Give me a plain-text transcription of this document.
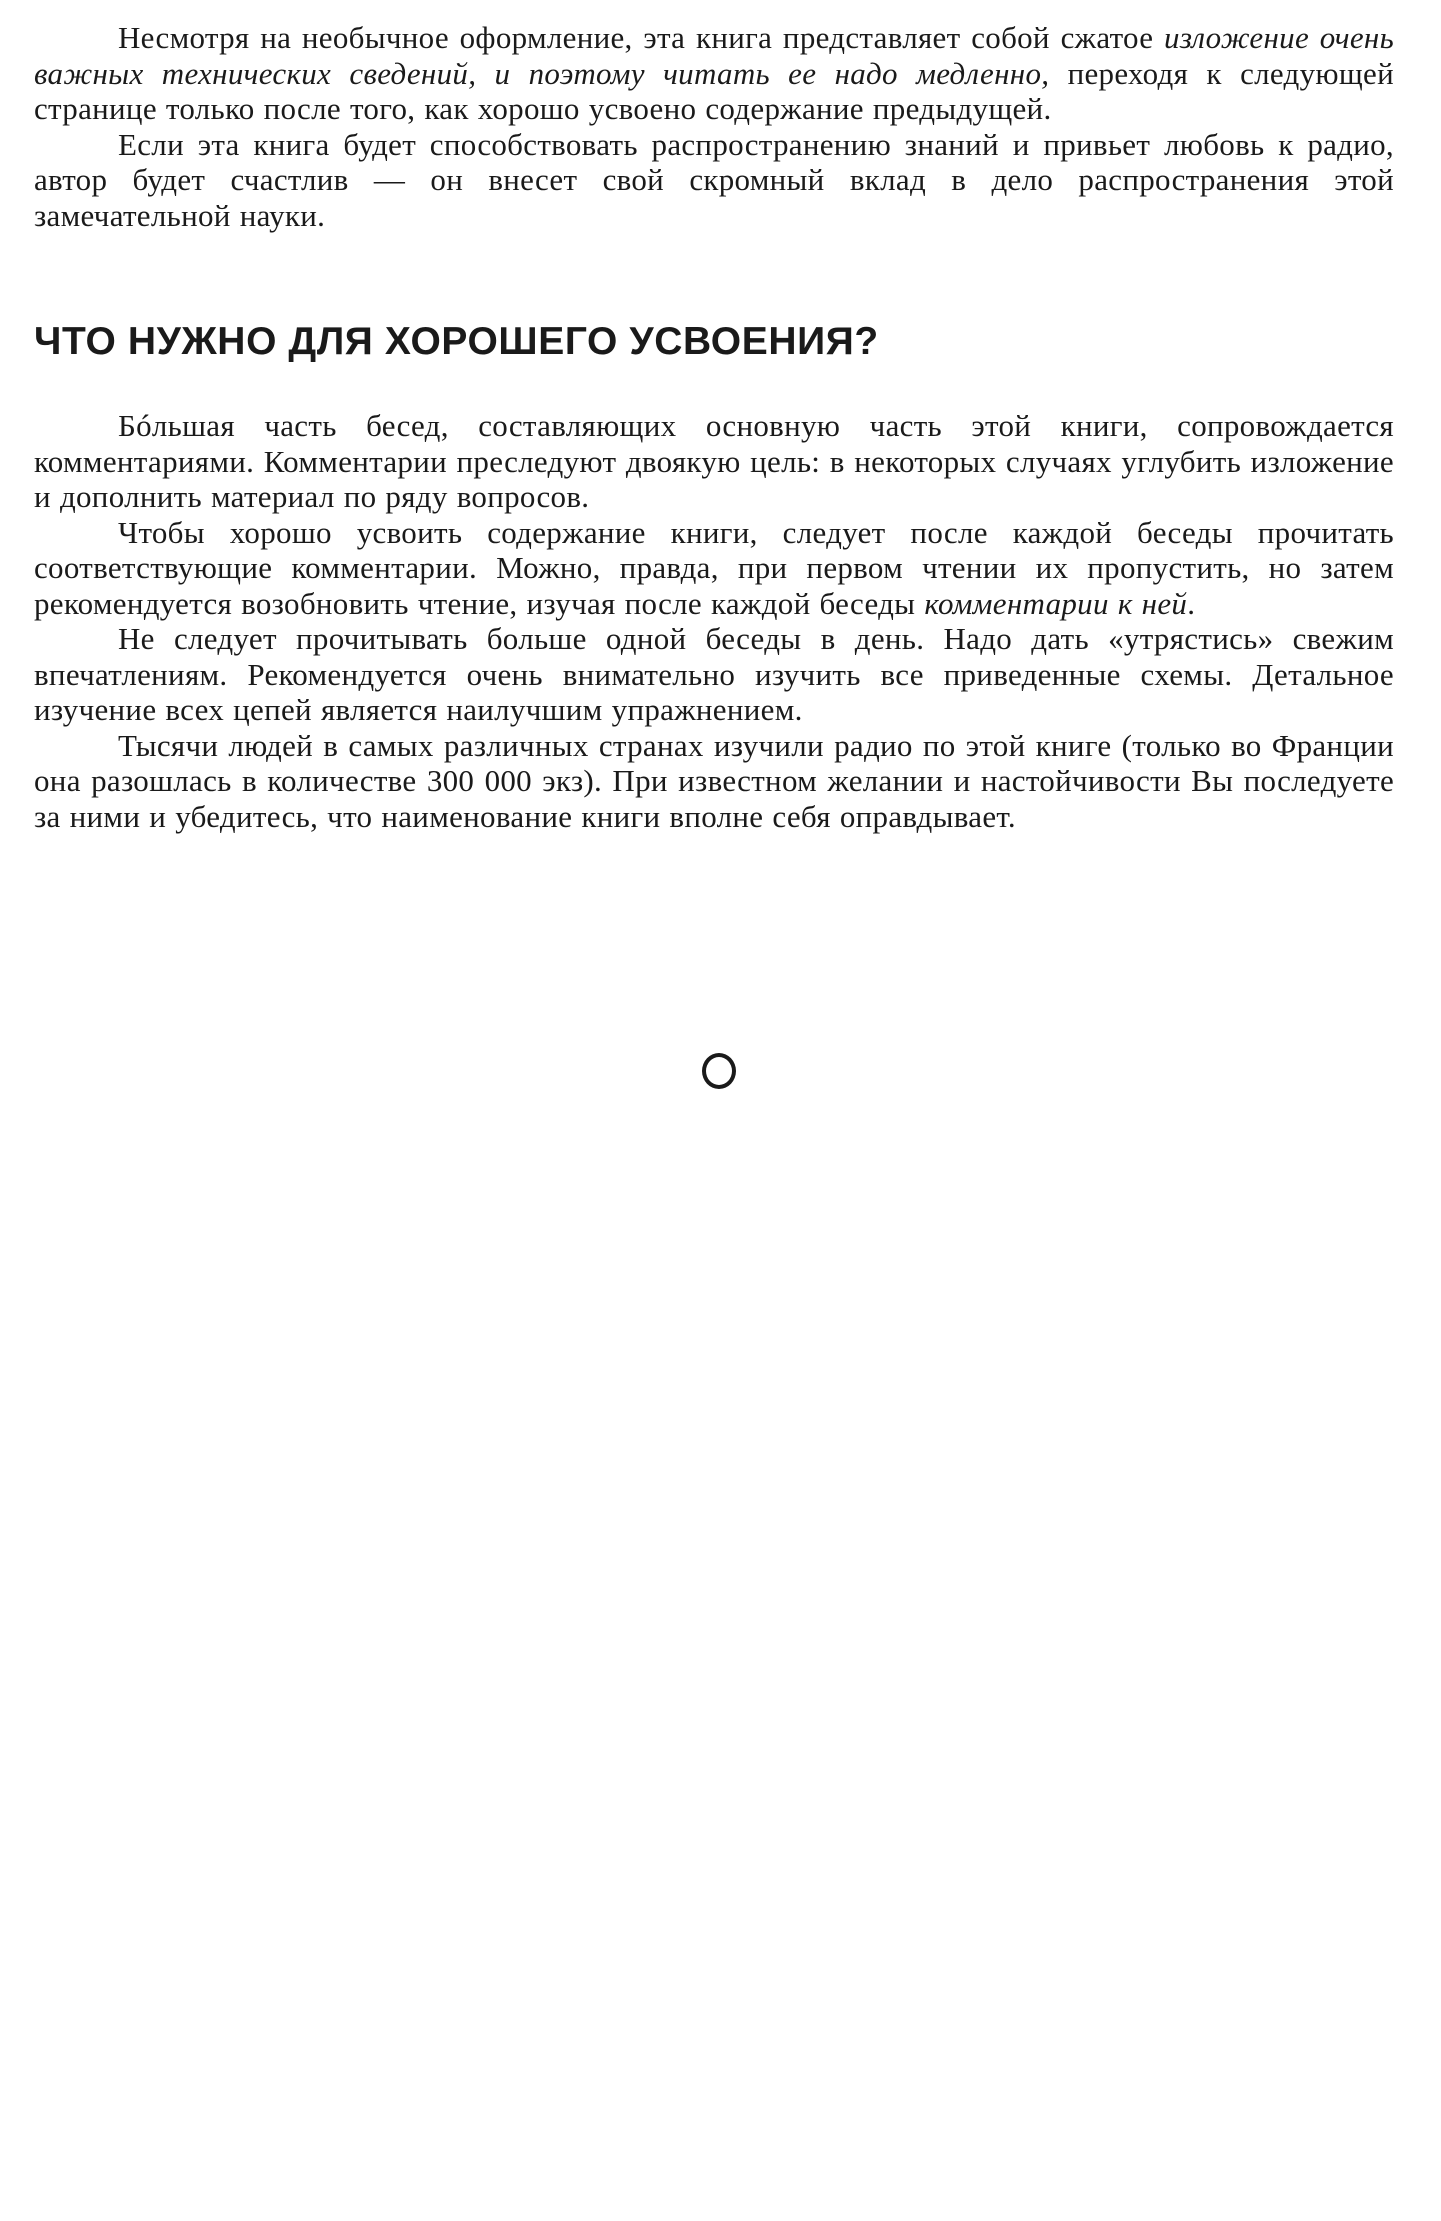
Несмотря на необычное оформление, эта книга представляет собой сжатое изложение очень важных технических сведений, и поэтому читать ее надо медленно, переходя к следующей странице только после того, как хорошо усвоено содержание предыдущей.

Если эта книга будет способствовать распространению знаний и привьет любовь к радио, автор будет счастлив — он внесет свой скромный вклад в дело распространения этой замечательной науки.

ЧТО НУЖНО ДЛЯ ХОРОШЕГО УСВОЕНИЯ?

Бóльшая часть бесед, составляющих основную часть этой книги, сопровождается комментариями. Комментарии преследуют двоякую цель: в некоторых случаях углубить изложение и дополнить материал по ряду вопросов.

Чтобы хорошо усвоить содержание книги, следует после каждой беседы прочитать соответствующие комментарии. Можно, правда, при первом чтении их пропустить, но затем рекомендуется возобновить чтение, изучая после каждой беседы комментарии к ней.

Не следует прочитывать больше одной беседы в день. Надо дать «утрястись» свежим впечатлениям. Рекомендуется очень внимательно изучить все приведенные схемы. Детальное изучение всех цепей является наилучшим упражнением.

Тысячи людей в самых различных странах изучили радио по этой книге (только во Франции она разошлась в количестве 300 000 экз). При известном желании и настойчивости Вы последуете за ними и убедитесь, что наименование книги вполне себя оправдывает.
